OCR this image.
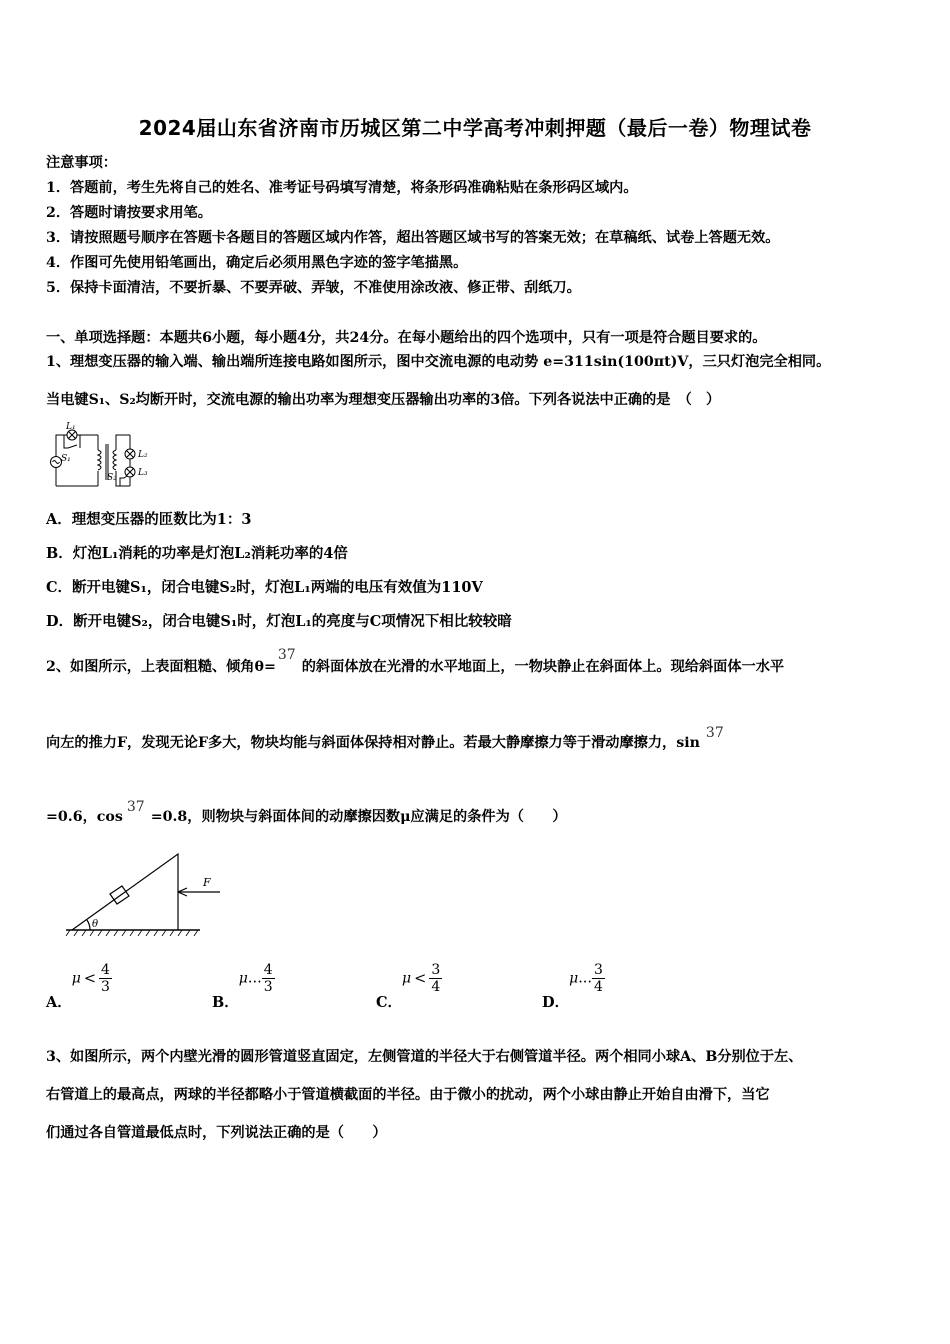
2024届山东省济南市历城区第二中学高考冲刺押题（最后一卷）物理试卷
注意事项：
1．答题前，考生先将自己的姓名、准考证号码填写清楚，将条形码准确粘贴在条形码区域内。
2．答题时请按要求用笔。
3．请按照题号顺序在答题卡各题目的答题区域内作答，超出答题区域书写的答案无效；在草稿纸、试卷上答题无效。
4．作图可先使用铅笔画出，确定后必须用黑色字迹的签字笔描黑。
5．保持卡面清洁，不要折暴、不要弄破、弄皱，不准使用涂改液、修正带、刮纸刀。
一、单项选择题：本题共6小题，每小题4分，共24分。在每小题给出的四个选项中，只有一项是符合题目要求的。
1、理想变压器的输入端、输出端所连接电路如图所示，图中交流电源的电动势 e=311sin(100πt)V，三只灯泡完全相同。
当电键S₁、S₂均断开时，交流电源的输出功率为理想变压器输出功率的3倍。下列各说法中正确的是　（　）
L₁
S₁	L₂
L₃
S₂
A．理想变压器的匝数比为1：3
B．灯泡L₁消耗的功率是灯泡L₂消耗功率的4倍
C．断开电键S₁，闭合电键S₂时，灯泡L₁两端的电压有效值为110V
D．断开电键S₂，闭合电键S₁时，灯泡L₁的亮度与C项情况下相比较较暗
2、如图所示，上表面粗糙、倾角θ=37的斜面体放在光滑的水平地面上，一物块静止在斜面体上。现给斜面体一水平
向左的推力F，发现无论F多大，物块均能与斜面体保持相对静止。若最大静摩擦力等于滑动摩擦力，sin37
=0.6，cos37=0.8，则物块与斜面体间的动摩擦因数μ应满足的条件为（　　）
F
θ
A．$\mu < \frac{4}{3}$
B．μ... $\frac{4}{3}$
C．$\mu < \frac{3}{4}$
D．μ... $\frac{3}{4}$
3、如图所示，两个内壁光滑的圆形管道竖直固定，左侧管道的半径大于右侧管道半径。两个相同小球A、B分别位于左、
右管道上的最高点，两球的半径都略小于管道横截面的半径。由于微小的扰动，两个小球由静止开始自由滑下，当它
们通过各自管道最低点时，下列说法正确的是（　　）
